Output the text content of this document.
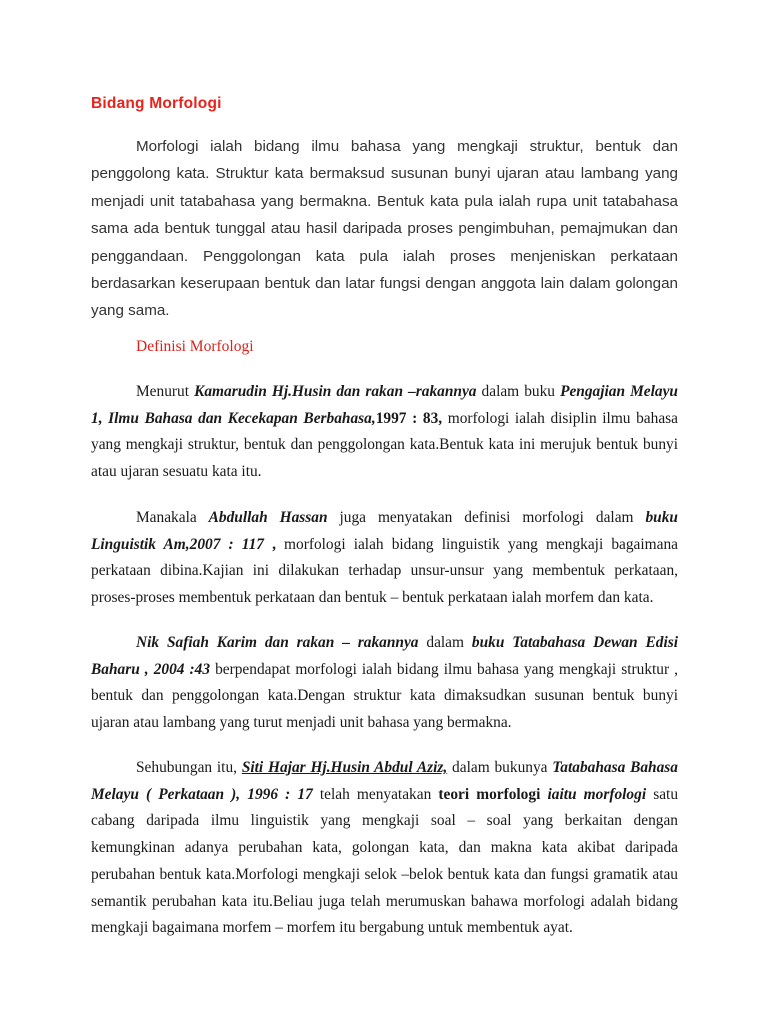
Bidang Morfologi
Morfologi ialah bidang ilmu bahasa yang mengkaji struktur, bentuk dan penggolong kata. Struktur kata bermaksud susunan bunyi ujaran atau lambang yang menjadi unit tatabahasa yang bermakna. Bentuk kata pula ialah rupa unit tatabahasa sama ada bentuk tunggal atau hasil daripada proses pengimbuhan, pemajmukan dan penggandaan. Penggolongan kata pula ialah proses menjeniskan perkataan berdasarkan keserupaan bentuk dan latar fungsi dengan anggota lain dalam golongan yang sama.
Definisi Morfologi

Menurut Kamarudin Hj.Husin dan rakan –rakannya dalam buku Pengajian Melayu 1, Ilmu Bahasa dan Kecekapan Berbahasa,1997 : 83, morfologi ialah disiplin ilmu bahasa yang mengkaji struktur, bentuk dan penggolongan kata.Bentuk kata ini merujuk bentuk bunyi atau ujaran sesuatu kata itu.

Manakala Abdullah Hassan juga menyatakan definisi morfologi dalam buku Linguistik Am,2007 : 117 , morfologi ialah bidang linguistik yang mengkaji bagaimana perkataan dibina.Kajian ini dilakukan terhadap unsur-unsur yang membentuk perkataan, proses-proses membentuk perkataan dan bentuk – bentuk perkataan ialah morfem dan kata.

Nik Safiah Karim dan rakan – rakannya dalam buku Tatabahasa Dewan Edisi Baharu , 2004 :43 berpendapat morfologi ialah bidang ilmu bahasa yang mengkaji struktur , bentuk dan penggolongan kata.Dengan struktur kata dimaksudkan susunan bentuk bunyi ujaran atau lambang yang turut menjadi unit bahasa yang bermakna.

Sehubungan itu, Siti Hajar Hj.Husin Abdul Aziz, dalam bukunya Tatabahasa Bahasa Melayu ( Perkataan ), 1996 : 17 telah menyatakan teori morfologi iaitu morfologi satu cabang daripada ilmu linguistik yang mengkaji soal – soal yang berkaitan dengan kemungkinan adanya perubahan kata, golongan kata, dan makna kata akibat daripada perubahan bentuk kata.Morfologi mengkaji selok –belok bentuk kata dan fungsi gramatik atau semantik perubahan kata itu.Beliau juga telah merumuskan bahawa morfologi adalah bidang mengkaji bagaimana morfem – morfem itu bergabung untuk membentuk ayat.
